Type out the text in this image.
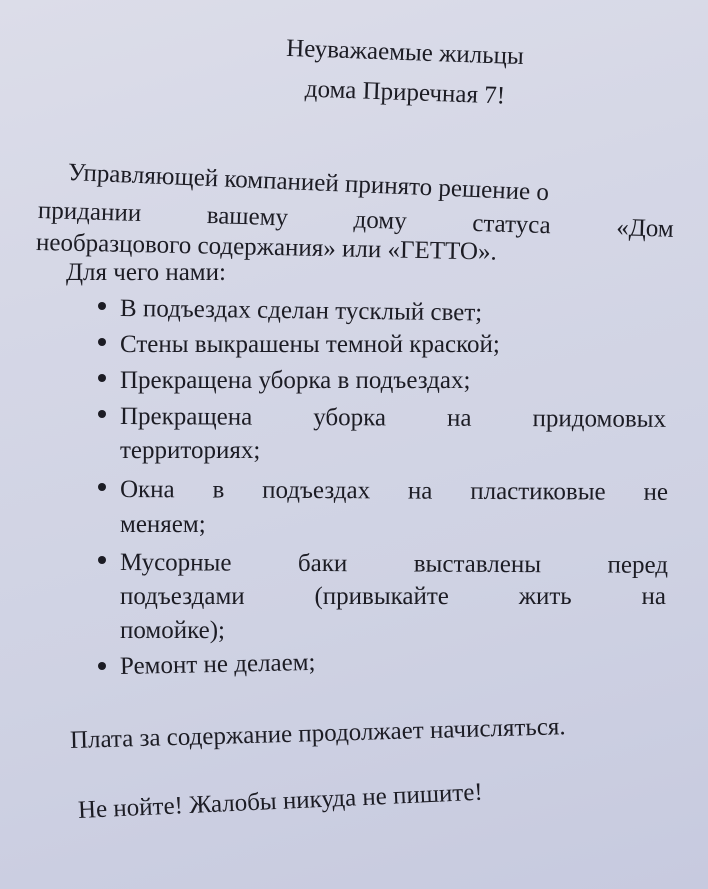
Неуважаемые жильцы
дома Приречная 7!
Управляющей компанией принято решение о
придании	вашему	дому	статуса	«Дом
необразцового содержания» или «ГЕТТО».
Для чего нами:
В подъездах сделан тусклый свет;
Стены выкрашены темной краской;
Прекращена уборка в подъездах;
Прекращена уборка на придомовых
территориях;
Окна в подъездах на пластиковые не
меняем;
Мусорные	баки	выставлены	перед
подъездами	(привыкайте	жить	на
помойке);
Ремонт не делаем;
Плата за содержание продолжает начисляться.
Не нойте! Жалобы никуда не пишите!
